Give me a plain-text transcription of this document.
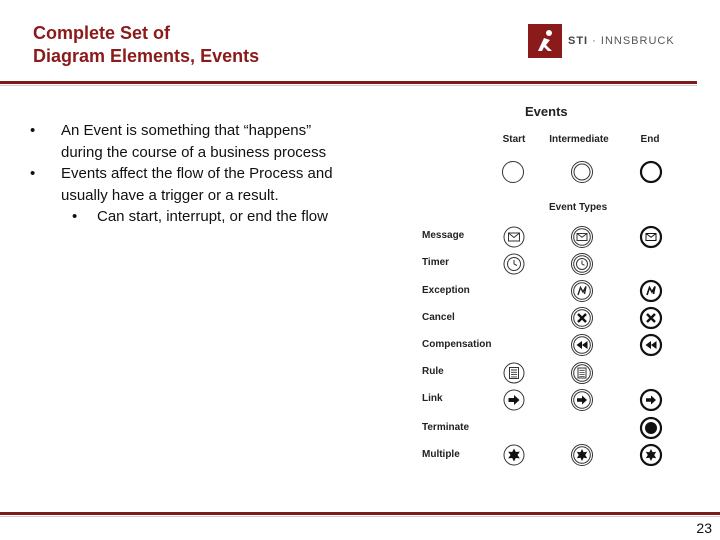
Complete Set of
Diagram Elements, Events
STI · INNSBRUCK
• An Event is something that “happens” during the course of a business process
• Events affect the flow of the Process and usually have a trigger or a result.
• Can start, interrupt, or end the flow
Events
Start	Intermediate	End
Event Types
Message
Timer
Exception
Cancel
Compensation
Rule
Link
Terminate
Multiple
23
